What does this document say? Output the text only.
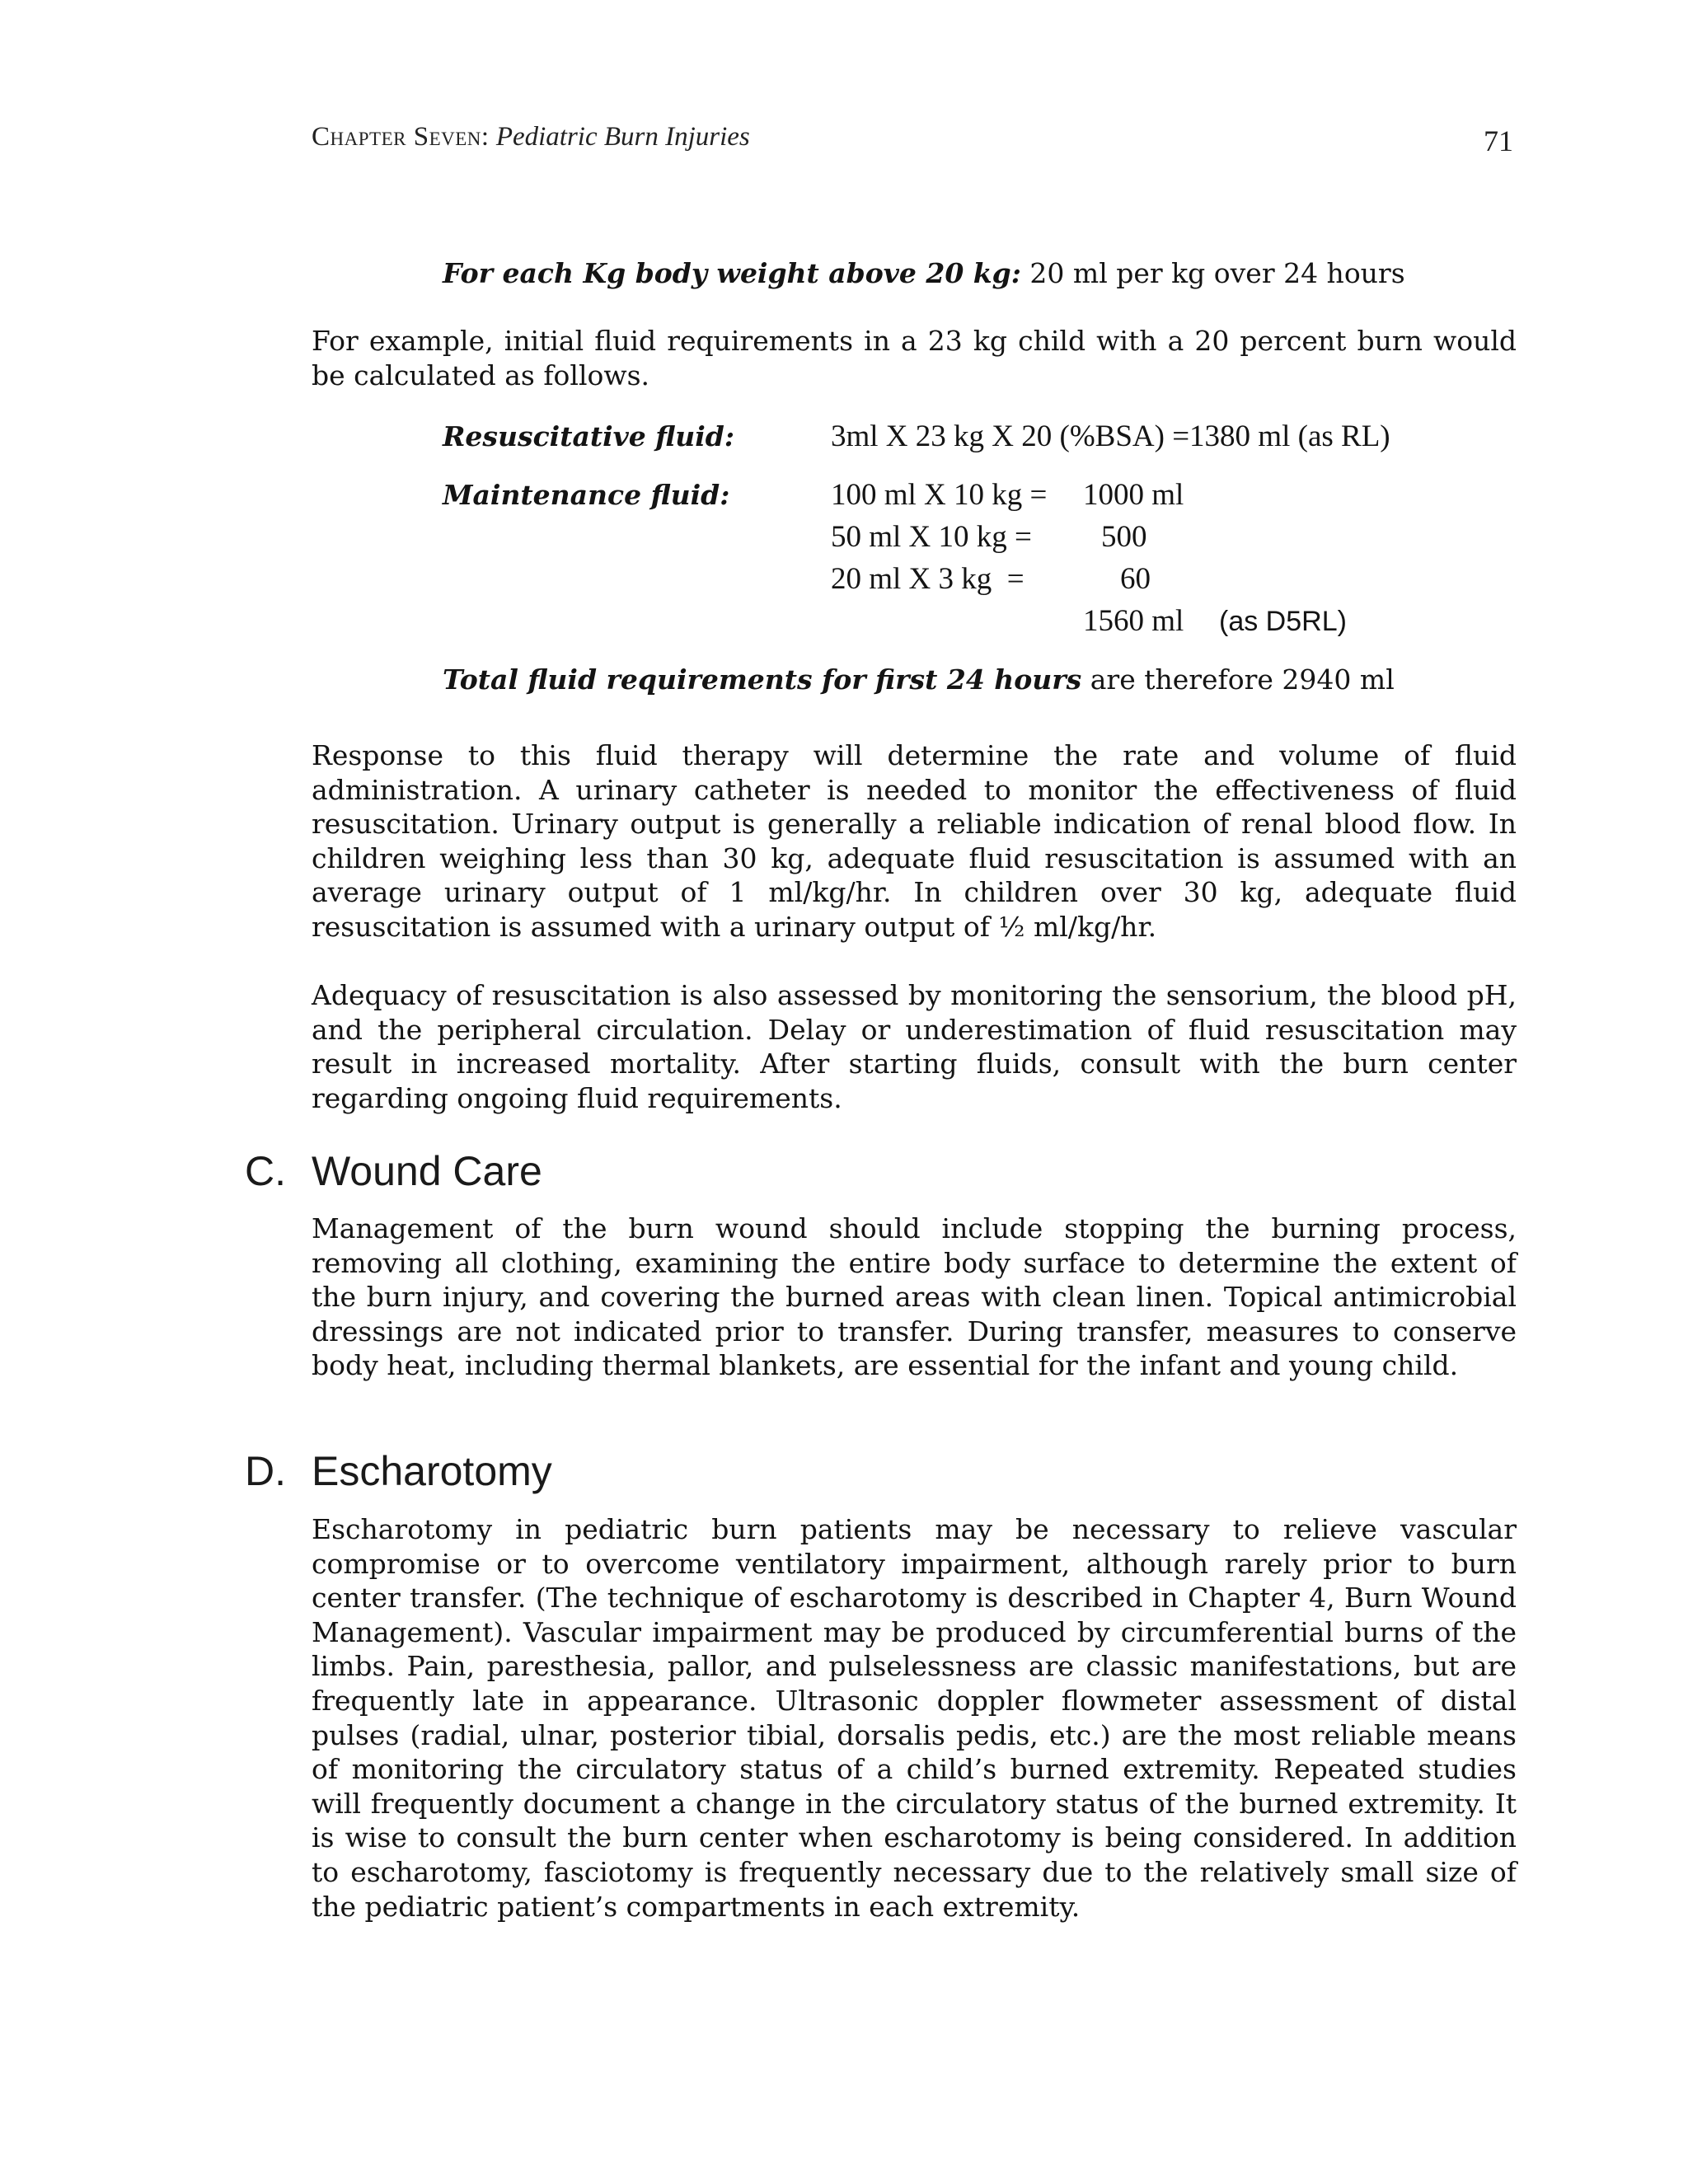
Chapter Seven: Pediatric Burn Injuries	71
For each Kg body weight above 20 kg: 20 ml per kg over 24 hours
For example, initial fluid requirements in a 23 kg child with a 20 percent burn would be calculated as follows.
Resuscitative fluid:	3ml X 23 kg X 20 (%BSA) =1380 ml (as RL)
Maintenance fluid:	100 ml X 10 kg = 1000 ml
50 ml X 10 kg = 500
20 ml X 3 kg  =	60
1560 ml (as D5RL)
Total fluid requirements for first 24 hours are therefore 2940 ml
Response to this fluid therapy will determine the rate and volume of fluid administration. A urinary catheter is needed to monitor the effectiveness of fluid resuscitation. Urinary output is generally a reliable indication of renal blood flow. In children weighing less than 30 kg, adequate fluid resuscitation is assumed with an average urinary output of 1 ml/kg/hr. In children over 30 kg, adequate fluid resuscitation is assumed with a urinary output of ½ ml/kg/hr.
Adequacy of resuscitation is also assessed by monitoring the sensorium, the blood pH, and the peripheral circulation. Delay or underestimation of fluid resuscitation may result in increased mortality. After starting fluids, consult with the burn center regarding ongoing fluid requirements.
C. Wound Care
Management of the burn wound should include stopping the burning process, removing all clothing, examining the entire body surface to determine the extent of the burn injury, and covering the burned areas with clean linen. Topical antimicrobial dressings are not indicated prior to transfer. During transfer, measures to conserve body heat, including thermal blankets, are essential for the infant and young child.
D. Escharotomy
Escharotomy in pediatric burn patients may be necessary to relieve vascular compromise or to overcome ventilatory impairment, although rarely prior to burn center transfer. (The technique of escharotomy is described in Chapter 4, Burn Wound Management). Vascular impairment may be produced by circumferential burns of the limbs. Pain, paresthesia, pallor, and pulselessness are classic manifestations, but are frequently late in appearance. Ultrasonic doppler flowmeter assessment of distal pulses (radial, ulnar, posterior tibial, dorsalis pedis, etc.) are the most reliable means of monitoring the circulatory status of a child’s burned extremity. Repeated studies will frequently document a change in the circulatory status of the burned extremity. It is wise to consult the burn center when escharotomy is being considered. In addition to escharotomy, fasciotomy is frequently necessary due to the relatively small size of the pediatric patient’s compartments in each extremity.
